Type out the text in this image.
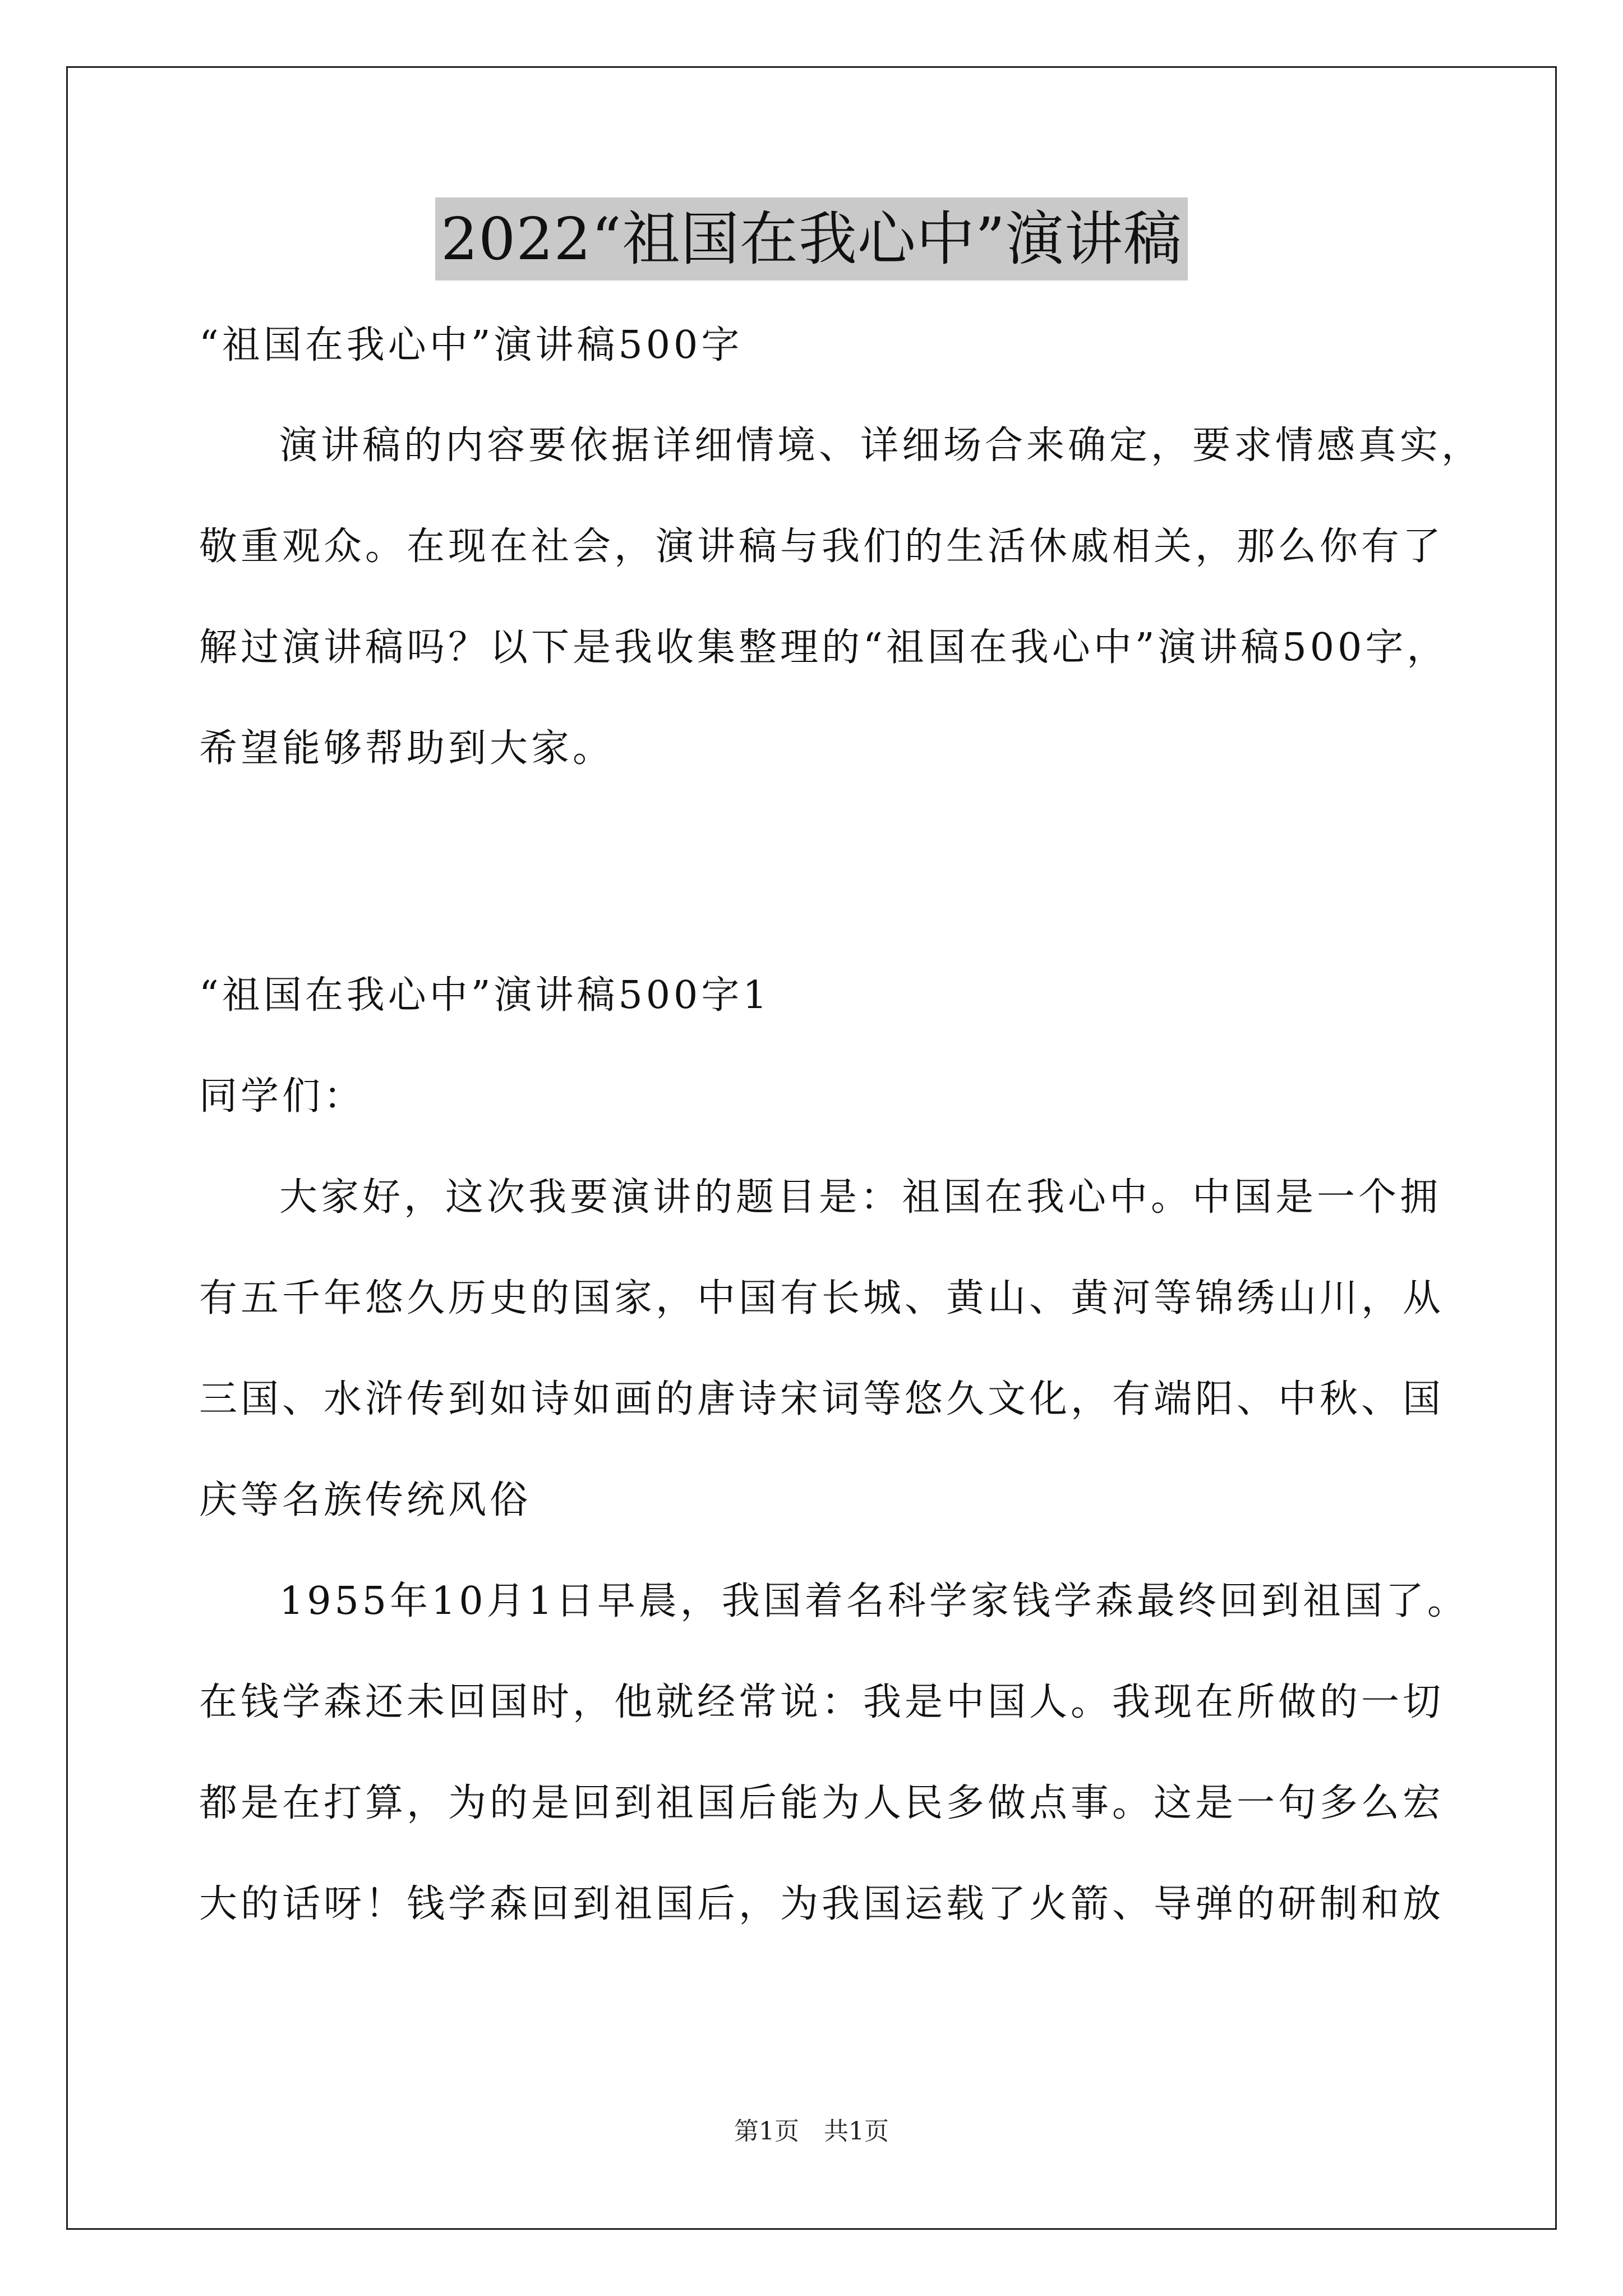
2022“祖国在我心中”演讲稿
“祖国在我心中”演讲稿500字
演讲稿的内容要依据详细情境、详细场合来确定，要求情感真实，
敬重观众。在现在社会，演讲稿与我们的生活休戚相关，那么你有了
解过演讲稿吗？以下是我收集整理的“祖国在我心中”演讲稿500字，
希望能够帮助到大家。
“祖国在我心中”演讲稿500字1
同学们：
大家好，这次我要演讲的题目是：祖国在我心中。中国是一个拥
有五千年悠久历史的国家，中国有长城、黄山、黄河等锦绣山川，从
三国、水浒传到如诗如画的唐诗宋词等悠久文化，有端阳、中秋、国
庆等名族传统风俗
1955年10月1日早晨，我国着名科学家钱学森最终回到祖国了。
在钱学森还未回国时，他就经常说：我是中国人。我现在所做的一切
都是在打算，为的是回到祖国后能为人民多做点事。这是一句多么宏
大的话呀！钱学森回到祖国后，为我国运载了火箭、导弹的研制和放
第1页　共1页
